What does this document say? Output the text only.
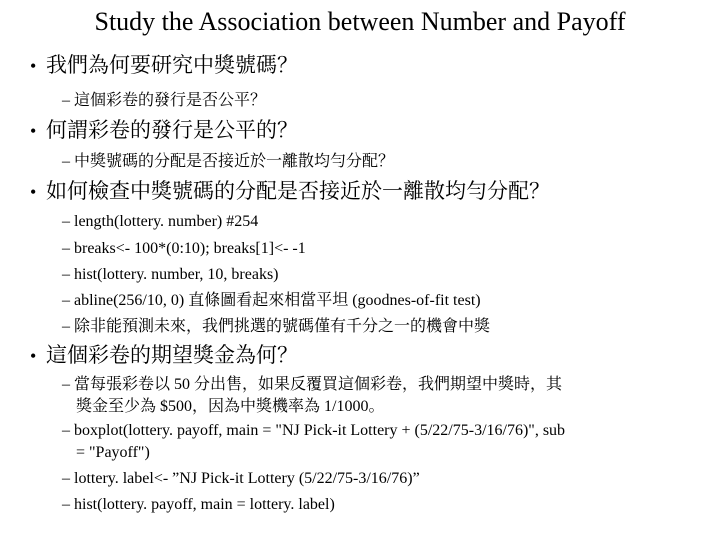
Study the Association between Number and Payoff
• 我們為何要研究中獎號碼？
– 這個彩卷的發行是否公平？
• 何謂彩卷的發行是公平的？
– 中獎號碼的分配是否接近於一離散均勻分配？
• 如何檢查中獎號碼的分配是否接近於一離散均勻分配？
– length(lottery. number) #254
– breaks<- 100*(0:10); breaks[1]<- -1
– hist(lottery. number, 10, breaks)
– abline(256/10, 0) 直條圖看起來相當平坦 (goodnes-of-fit test)
– 除非能預測未來，我們挑選的號碼僅有千分之一的機會中獎
• 這個彩卷的期望獎金為何？
– 當每張彩卷以 50 分出售，如果反覆買這個彩卷，我們期望中獎時，其
獎金至少為 $500，因為中獎機率為 1/1000。
– boxplot(lottery. payoff, main = "NJ Pick-it Lottery + (5/22/75-3/16/76)", sub
= "Payoff")
– lottery. label<- ”NJ Pick-it Lottery (5/22/75-3/16/76)”
– hist(lottery. payoff, main = lottery. label)
